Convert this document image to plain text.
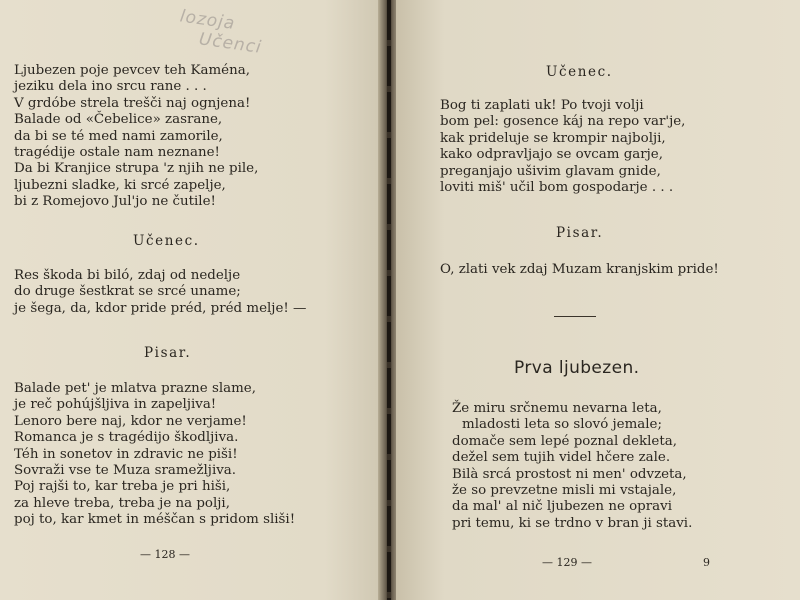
lozoja
Učenci
Ljubezen poje pevcev teh Kaména,
jeziku dela ino srcu rane . . .
V grdóbe strela trešči naj ognjena!
Balade od «Čebelice» zasrane,
da bi se té med nami zamorile,
tragédije ostale nam neznane!
Da bi Kranjice strupa 'z njih ne pile,
ljubezni sladke, ki srcé zapelje,
bi z Romejovo Jul'jo ne čutile!
Učenec.
Res škoda bi biló, zdaj od nedelje
do druge šestkrat se srcé uname;
je šega, da, kdor pride préd, préd melje! —
Pisar.
Balade pet' je mlatva prazne slame,
je reč pohújšljiva in zapeljiva!
Lenoro bere naj, kdor ne verjame!
Romanca je s tragédijo škodljiva.
Téh in sonetov in zdravic ne piši!
Sovraži vse te Muza sramežljiva.
Poj rajši to, kar treba je pri hiši,
za hleve treba, treba je na polji,
poj to, kar kmet in méščan s pridom sliši!
— 128 —
Učenec.
Bog ti zaplati uk! Po tvoji volji
bom pel: gosence káj na repo var'je,
kak prideluje se krompir najbolji,
kako odpravljajo se ovcam garje,
preganjajo ušivim glavam gnide,
loviti miš' učil bom gospodarje . . .
Pisar.
O, zlati vek zdaj Muzam kranjskim pride!
Prva ljubezen.
Že miru srčnemu nevarna leta,
mladosti leta so slovó jemale;
domače sem lepé poznal dekleta,
dežel sem tujih videl hčere zale.
Bilà srcá prostost ni men' odvzeta,
že so prevzetne misli mi vstajale,
da mal' al nič ljubezen ne opravi
pri temu, ki se trdno v bran ji stavi.
— 129 —	9
